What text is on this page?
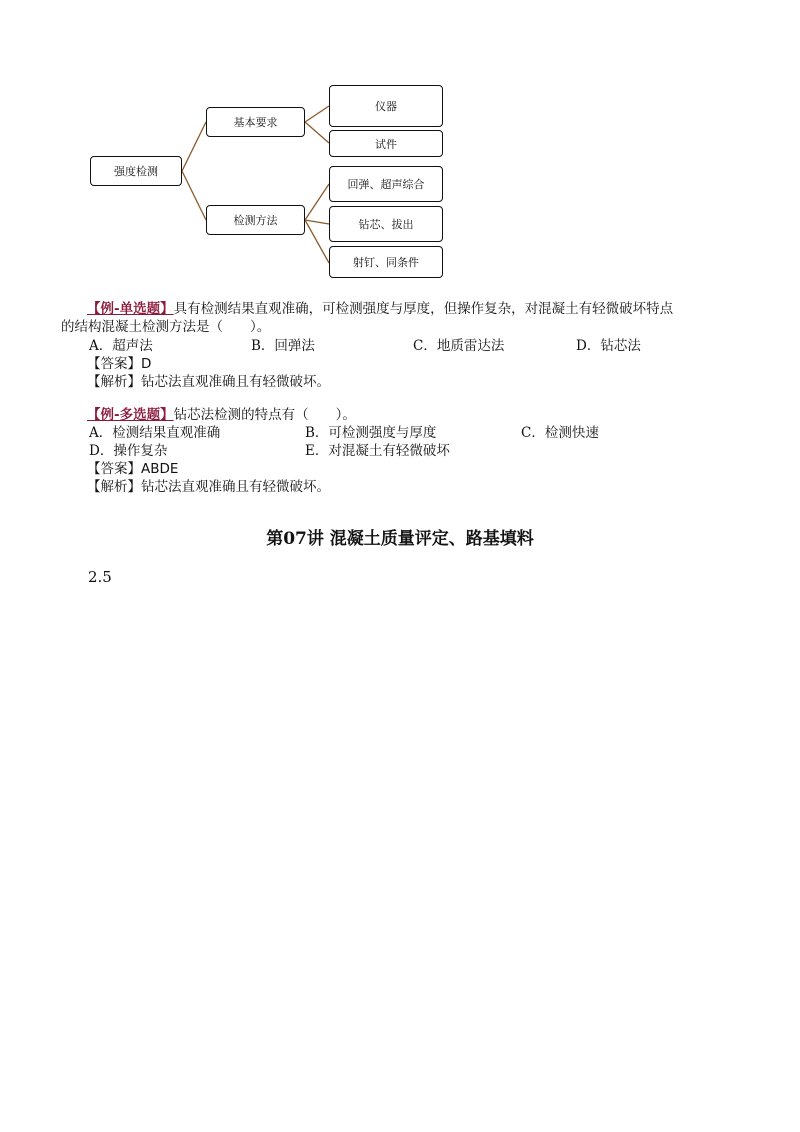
强度检测
基本要求
检测方法
仪器
试件
回弹、超声综合
钻芯、拔出
射钉、同条件
【例-单选题】具有检测结果直观准确，可检测强度与厚度，但操作复杂，对混凝土有轻微破坏特点
的结构混凝土检测方法是（　　）。
A．超声法	B．回弹法	C．地质雷达法	D．钻芯法
【答案】D
【解析】钻芯法直观准确且有轻微破坏。
【例-多选题】钻芯法检测的特点有（　　）。
A．检测结果直观准确	B．可检测强度与厚度	C．检测快速
D．操作复杂	E．对混凝土有轻微破坏
【答案】ABDE
【解析】钻芯法直观准确且有轻微破坏。
第07讲 混凝土质量评定、路基填料
2.5
